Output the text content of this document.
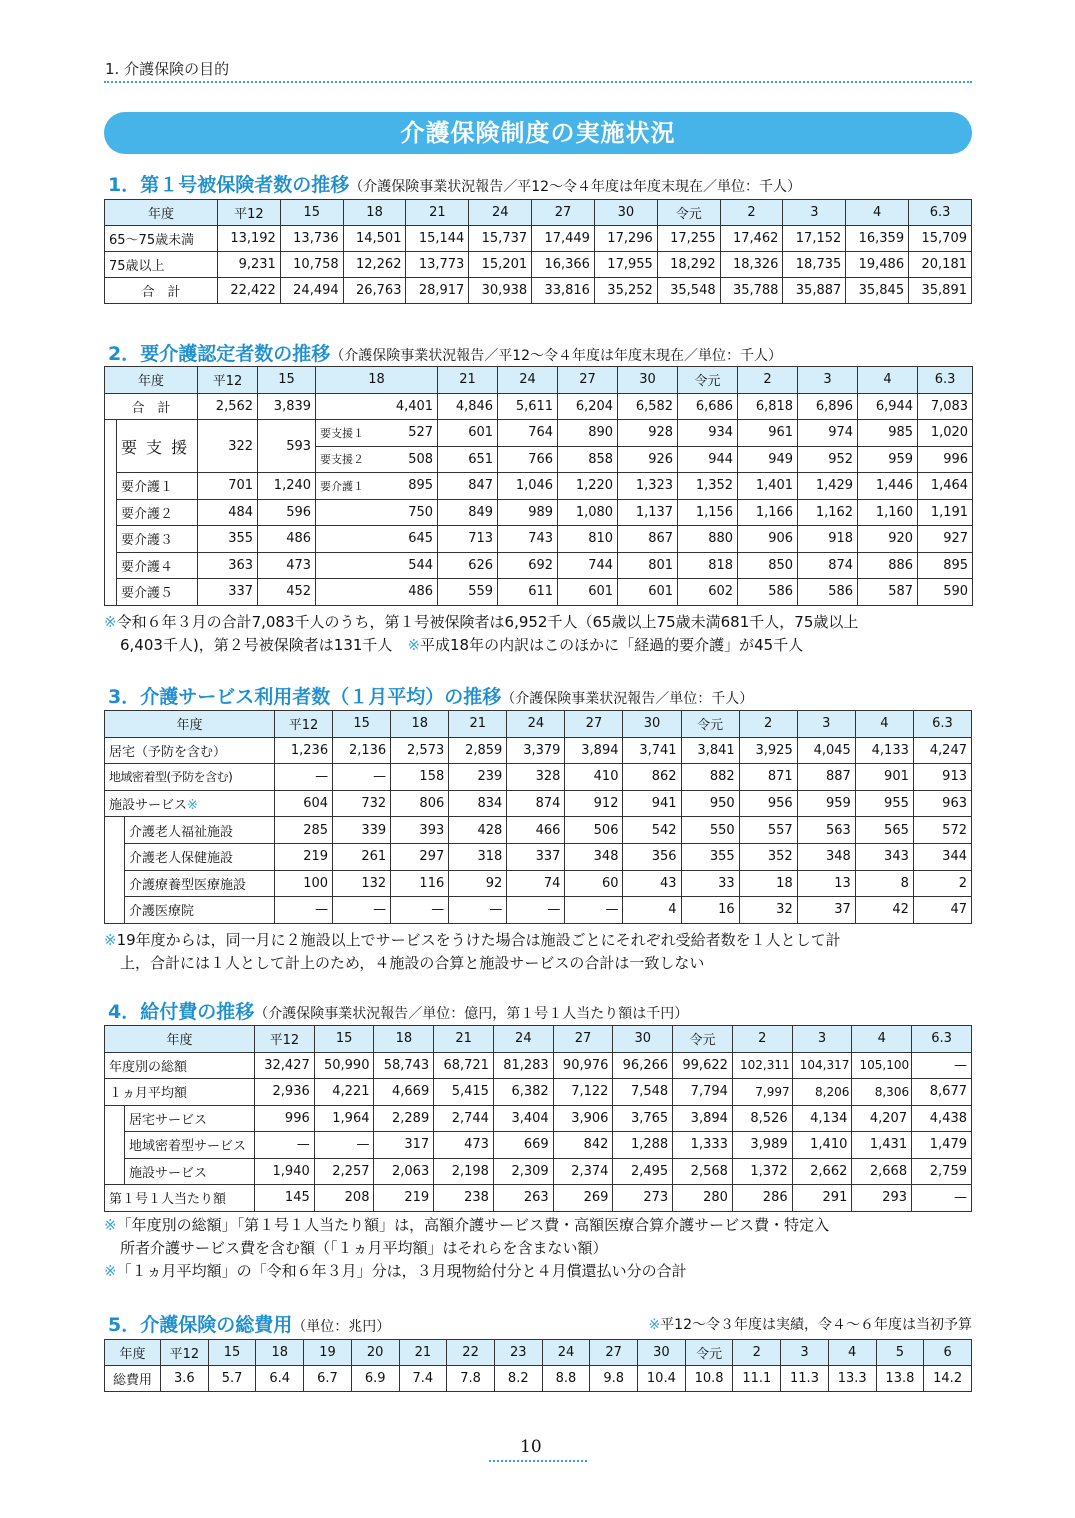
1. 介護保険の目的
介護保険制度の実施状況
1．第１号被保険者数の推移（介護保険事業状況報告／平12～令４年度は年度末現在／単位：千人）
年度	平12	15	18	21	24	27	30	令元	2	3	4	6.3
65～75歳未満	13,192	13,736	14,501	15,144	15,737	17,449	17,296	17,255	17,462	17,152	16,359	15,709
75歳以上	9,231	10,758	12,262	13,773	15,201	16,366	17,955	18,292	18,326	18,735	19,486	20,181
合　計	22,422	24,494	26,763	28,917	30,938	33,816	35,252	35,548	35,788	35,887	35,845	35,891
2．要介護認定者数の推移（介護保険事業状況報告／平12～令４年度は年度末現在／単位：千人）
年度		平12	15	18		21	24	27	30	令元	2	3	4	6.3
合　計		2,562	3,839	4,401		4,846	5,611	6,204	6,582	6,686	6,818	6,896	6,944	7,083
	要 支 援	322	593	要支援１	527	601	764	890	928	934	961	974	985	1,020
				要支援２	508	651	766	858	926	944	949	952	959	996
	要介護１	701	1,240	要介護１	895	847	1,046	1,220	1,323	1,352	1,401	1,429	1,446	1,464
	要介護２	484	596	750		849	989	1,080	1,137	1,156	1,166	1,162	1,160	1,191
	要介護３	355	486	645		713	743	810	867	880	906	918	920	927
	要介護４	363	473	544		626	692	744	801	818	850	874	886	895
	要介護５	337	452	486		559	611	601	601	602	586	586	587	590
※令和６年３月の合計7,083千人のうち，第１号被保険者は6,952千人（65歳以上75歳未満681千人，75歳以上
6,403千人)，第２号被保険者は131千人　※平成18年の内訳はこのほかに「経過的要介護」が45千人
3．介護サービス利用者数（１月平均）の推移（介護保険事業状況報告／単位：千人）
年度		平12	15	18	21	24	27	30	令元	2	3	4	6.3
居宅（予防を含む）		1,236	2,136	2,573	2,859	3,379	3,894	3,741	3,841	3,925	4,045	4,133	4,247
地域密着型(予防を含む)		—	—	158	239	328	410	862	882	871	887	901	913
施設サービス※		604	732	806	834	874	912	941	950	956	959	955	963
	介護老人福祉施設	285	339	393	428	466	506	542	550	557	563	565	572
	介護老人保健施設	219	261	297	318	337	348	356	355	352	348	343	344
	介護療養型医療施設	100	132	116	92	74	60	43	33	18	13	8	2
	介護医療院	—	—	—	—	—	—	4	16	32	37	42	47
※19年度からは，同一月に２施設以上でサービスをうけた場合は施設ごとにそれぞれ受給者数を１人として計
上，合計には１人として計上のため，４施設の合算と施設サービスの合計は一致しない
4．給付費の推移（介護保険事業状況報告／単位：億円，第１号１人当たり額は千円）
年度		平12	15	18	21	24	27	30	令元	2	3	4	6.3
年度別の総額		32,427	50,990	58,743	68,721	81,283	90,976	96,266	99,622	102,311	104,317	105,100	—
１ヵ月平均額		2,936	4,221	4,669	5,415	6,382	7,122	7,548	7,794	7,997	8,206	8,306	8,677
	居宅サービス	996	1,964	2,289	2,744	3,404	3,906	3,765	3,894	8,526	4,134	4,207	4,438
	地域密着型サービス	—	—	317	473	669	842	1,288	1,333	3,989	1,410	1,431	1,479
	施設サービス	1,940	2,257	2,063	2,198	2,309	2,374	2,495	2,568	1,372	2,662	2,668	2,759
第１号１人当たり額		145	208	219	238	263	269	273	280	286	291	293	—
※「年度別の総額」「第１号１人当たり額」は，高額介護サービス費・高額医療合算介護サービス費・特定入
所者介護サービス費を含む額（「１ヵ月平均額」はそれらを含まない額）
※「１ヵ月平均額」の「令和６年３月」分は，３月現物給付分と４月償還払い分の合計
5．介護保険の総費用（単位：兆円）	※平12～令３年度は実績，令４～６年度は当初予算
年度	平12	15	18	19	20	21	22	23	24	27	30	令元	2	3	4	5	6
総費用	3.6	5.7	6.4	6.7	6.9	7.4	7.8	8.2	8.8	9.8	10.4	10.8	11.1	11.3	13.3	13.8	14.2
10
